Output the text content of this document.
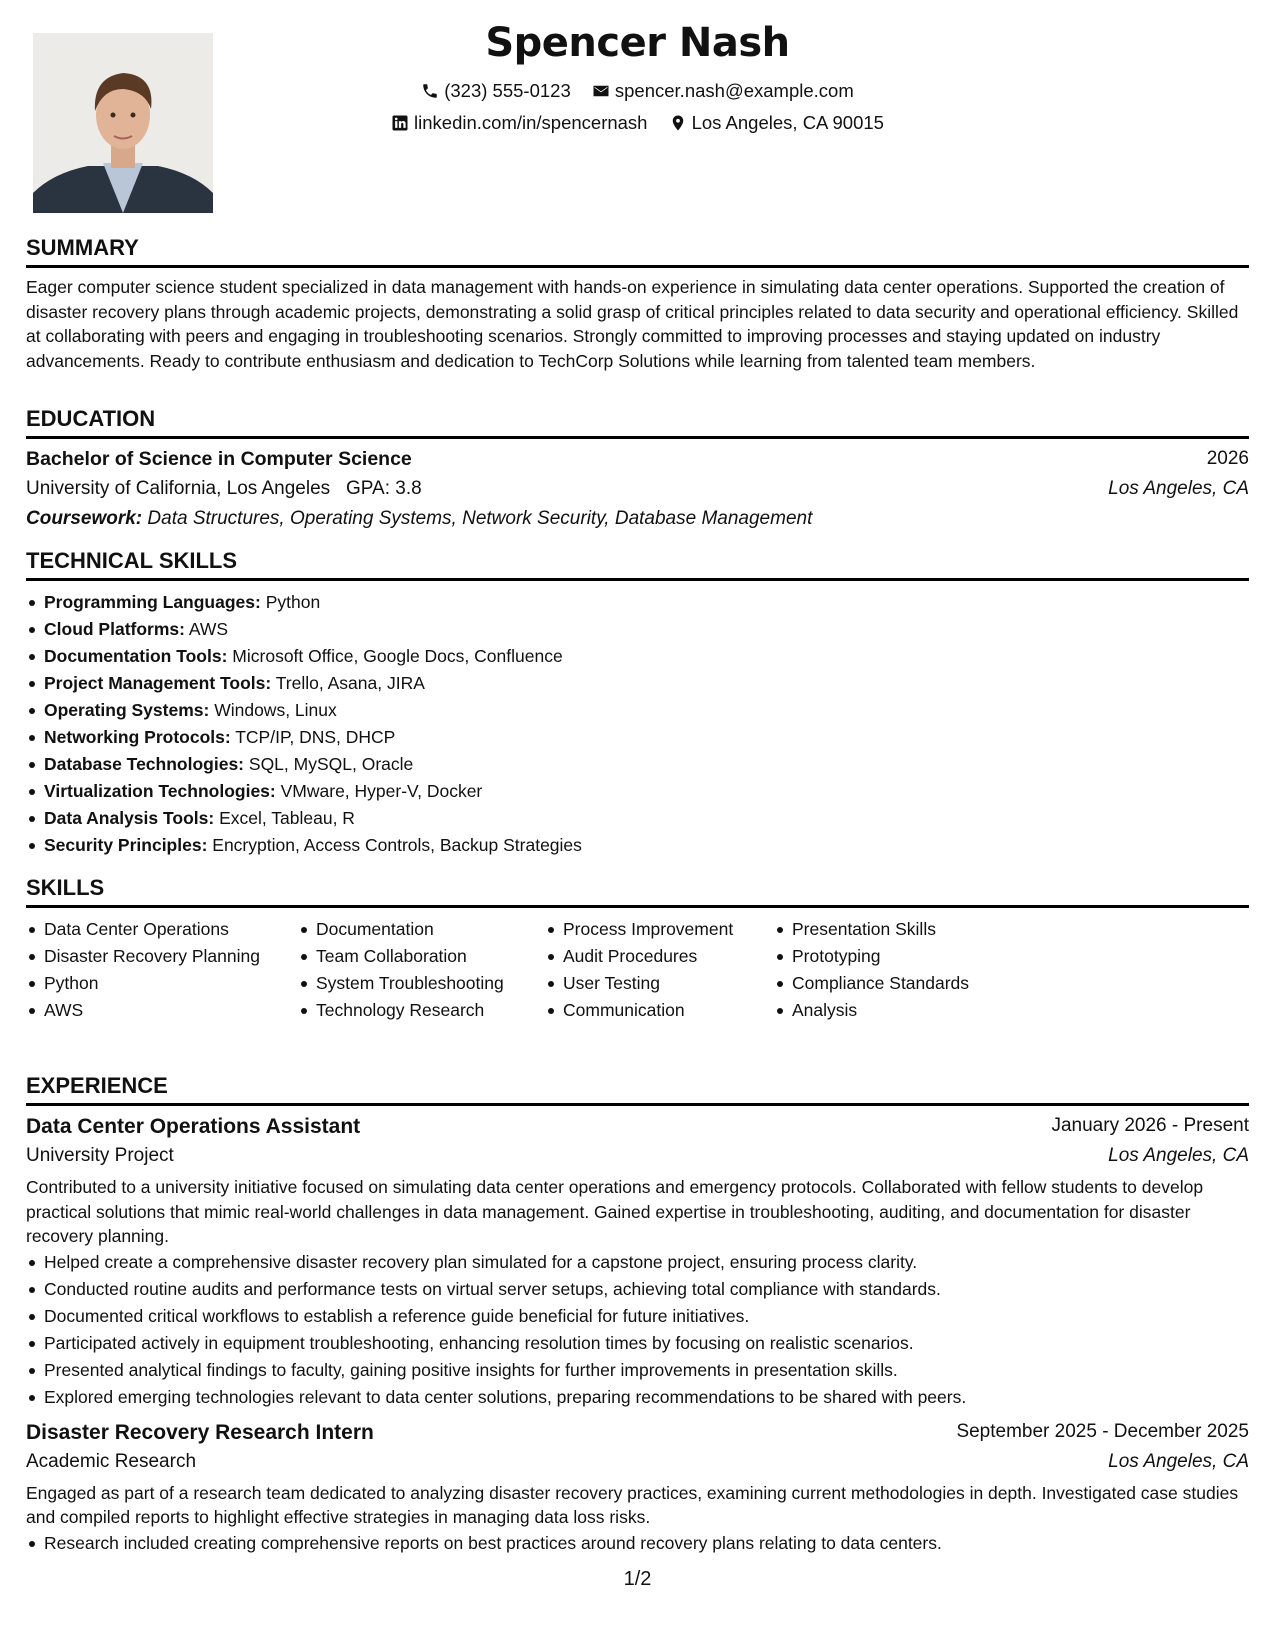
Spencer Nash
(323) 555-0123
spencer.nash@example.com
linkedin.com/in/spencernash
Los Angeles, CA 90015
SUMMARY

Eager computer science student specialized in data management with hands-on experience in simulating data center operations. Supported the creation of disaster recovery plans through academic projects, demonstrating a solid grasp of critical principles related to data security and operational efficiency. Skilled at collaborating with peers and engaging in troubleshooting scenarios. Strongly committed to improving processes and staying updated on industry advancements. Ready to contribute enthusiasm and dedication to TechCorp Solutions while learning from talented team members.

EDUCATION
Bachelor of Science in Computer Science	2026
University of California, Los Angeles GPA: 3.8	Los Angeles, CA
Coursework: Data Structures, Operating Systems, Network Security, Database Management
TECHNICAL SKILLS
Programming Languages: Python
Cloud Platforms: AWS
Documentation Tools: Microsoft Office, Google Docs, Confluence
Project Management Tools: Trello, Asana, JIRA
Operating Systems: Windows, Linux
Networking Protocols: TCP/IP, DNS, DHCP
Database Technologies: SQL, MySQL, Oracle
Virtualization Technologies: VMware, Hyper-V, Docker
Data Analysis Tools: Excel, Tableau, R
Security Principles: Encryption, Access Controls, Backup Strategies
SKILLS
Data Center Operations
Disaster Recovery Planning
Python
AWS
Documentation
Team Collaboration
System Troubleshooting
Technology Research
Process Improvement
Audit Procedures
User Testing
Communication
Presentation Skills
Prototyping
Compliance Standards
Analysis
EXPERIENCE
Data Center Operations Assistant	January 2026 - Present
University Project	Los Angeles, CA

Contributed to a university initiative focused on simulating data center operations and emergency protocols. Collaborated with fellow students to develop practical solutions that mimic real-world challenges in data management. Gained expertise in troubleshooting, auditing, and documentation for disaster recovery planning.

Helped create a comprehensive disaster recovery plan simulated for a capstone project, ensuring process clarity.
Conducted routine audits and performance tests on virtual server setups, achieving total compliance with standards.
Documented critical workflows to establish a reference guide beneficial for future initiatives.
Participated actively in equipment troubleshooting, enhancing resolution times by focusing on realistic scenarios.
Presented analytical findings to faculty, gaining positive insights for further improvements in presentation skills.
Explored emerging technologies relevant to data center solutions, preparing recommendations to be shared with peers.
Disaster Recovery Research Intern	September 2025 - December 2025
Academic Research	Los Angeles, CA

Engaged as part of a research team dedicated to analyzing disaster recovery practices, examining current methodologies in depth. Investigated case studies and compiled reports to highlight effective strategies in managing data loss risks.

Research included creating comprehensive reports on best practices around recovery plans relating to data centers.
1/2
